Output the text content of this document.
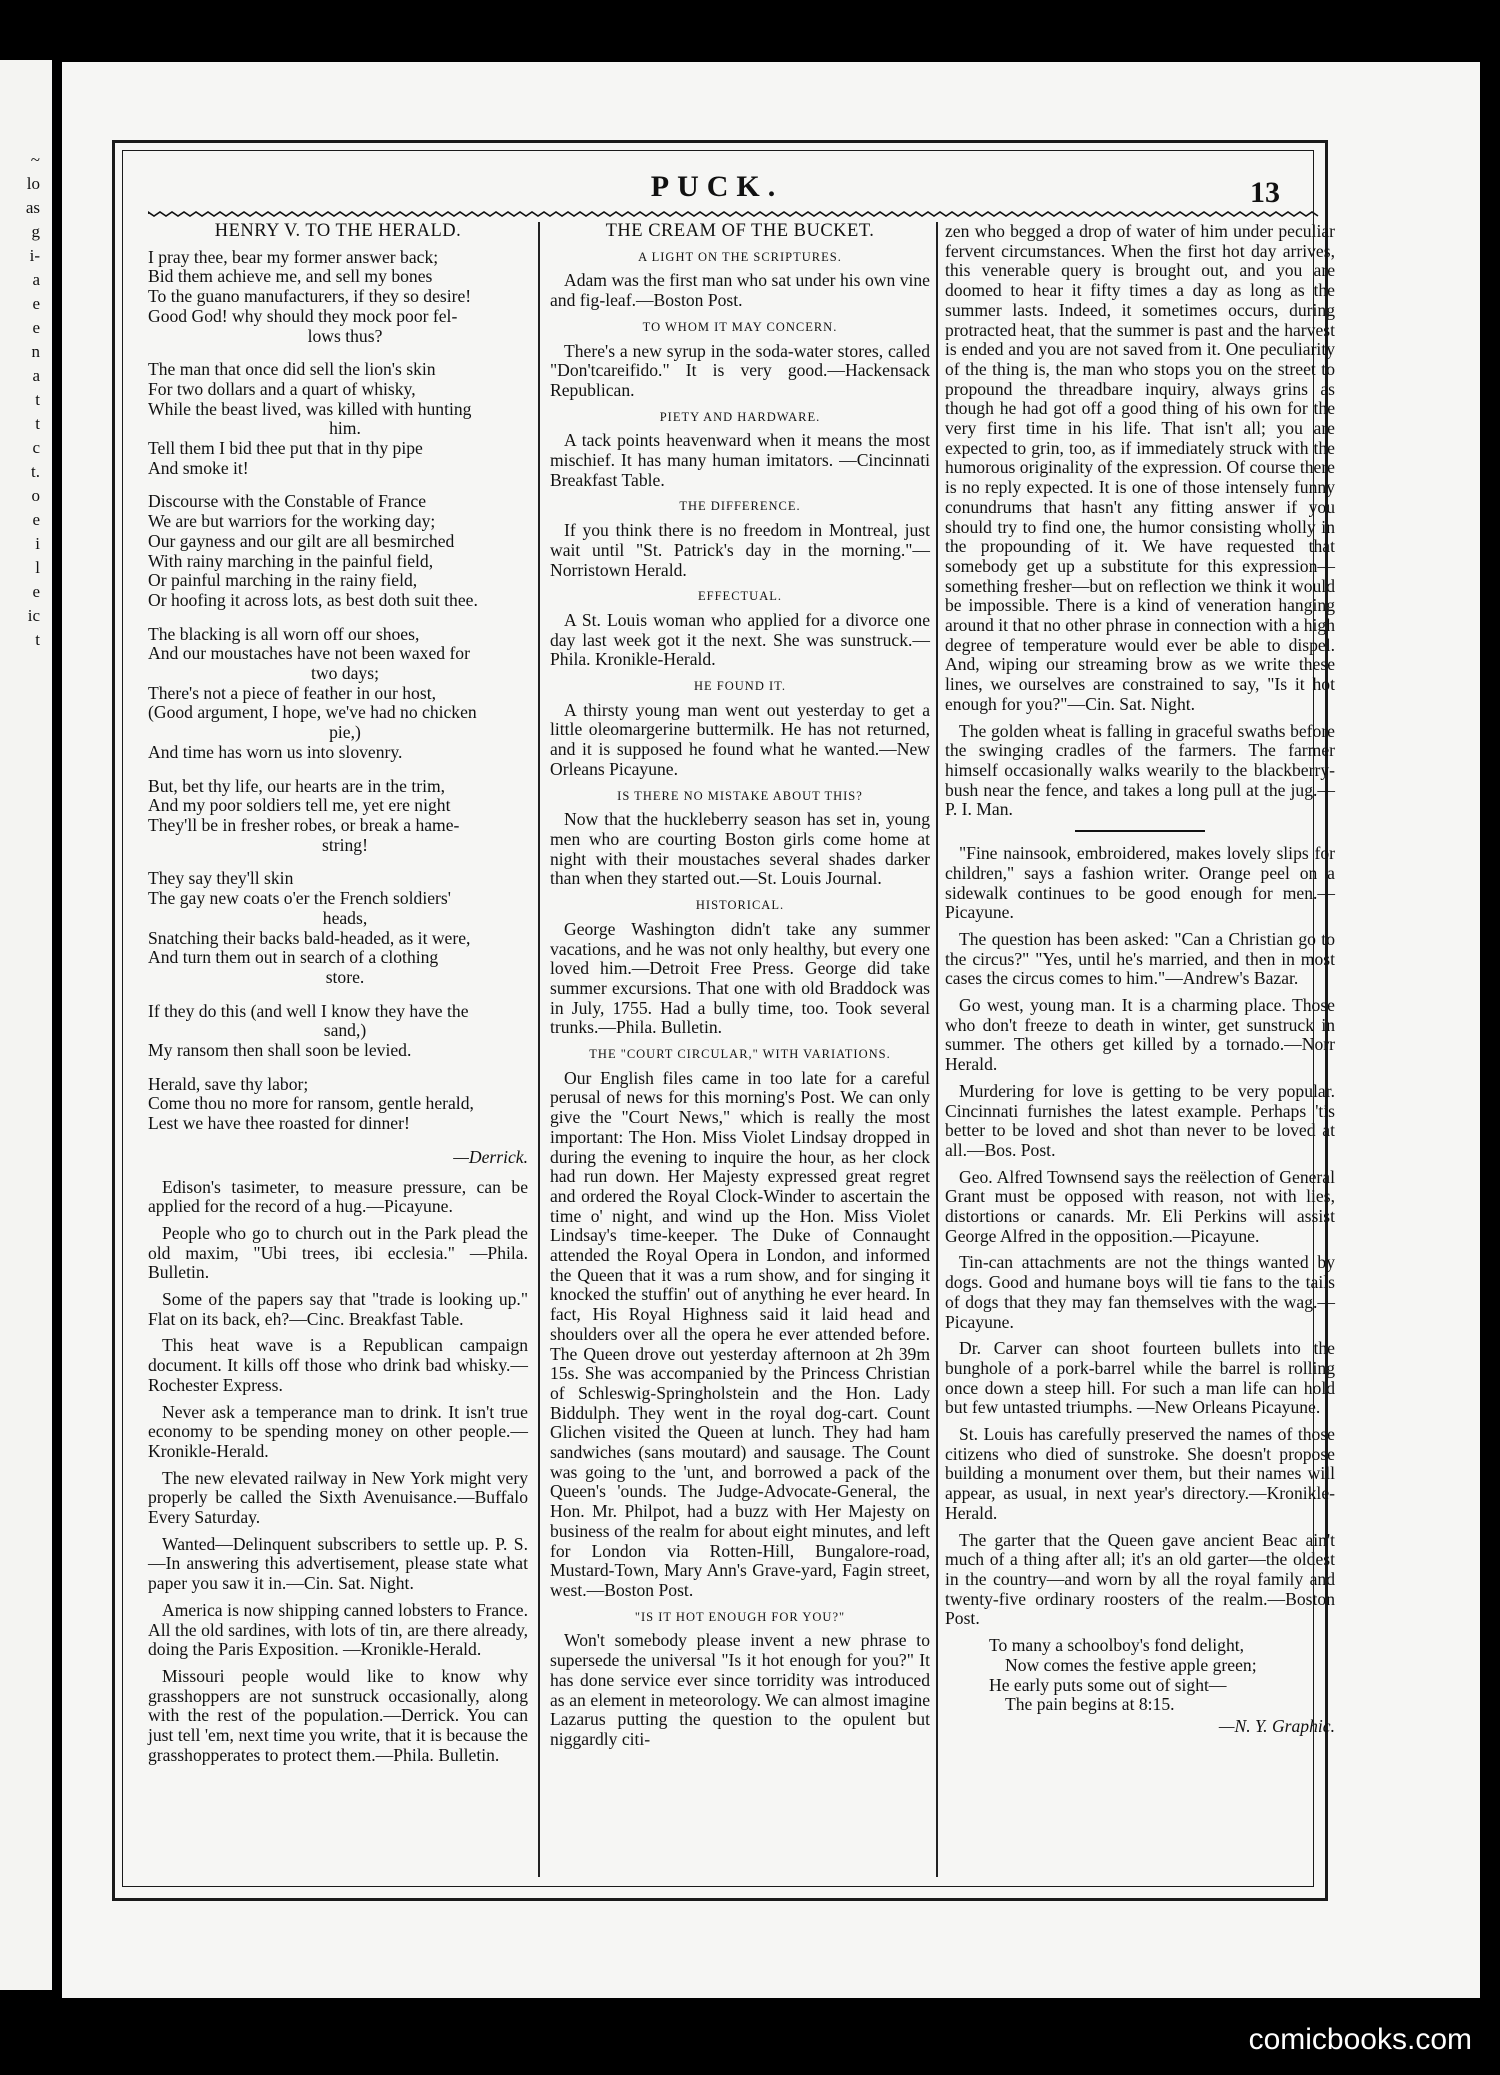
~
lo
as
g
i-
a
e
e
n
a
t
t
c
t.
o
e
i
l
e
ic
t
PUCK.	13
HENRY V. TO THE HERALD.
I pray thee, bear my former answer back;
Bid them achieve me, and sell my bones
To the guano manufacturers, if they so desire!
Good God! why should they mock poor fel-
lows thus?
The man that once did sell the lion's skin
For two dollars and a quart of whisky,
While the beast lived, was killed with hunting
him.
Tell them I bid thee put that in thy pipe
And smoke it!
Discourse with the Constable of France
We are but warriors for the working day;
Our gayness and our gilt are all besmirched
With rainy marching in the painful field,
Or painful marching in the rainy field,
Or hoofing it across lots, as best doth suit thee.
The blacking is all worn off our shoes,
And our moustaches have not been waxed for
two days;
There's not a piece of feather in our host,
(Good argument, I hope, we've had no chicken
pie,)
And time has worn us into slovenry.
But, bet thy life, our hearts are in the trim,
And my poor soldiers tell me, yet ere night
They'll be in fresher robes, or break a hame-
string!
They say they'll skin
The gay new coats o'er the French soldiers'
heads,
Snatching their backs bald-headed, as it were,
And turn them out in search of a clothing
store.
If they do this (and well I know they have the
sand,)
My ransom then shall soon be levied.
Herald, save thy labor;
Come thou no more for ransom, gentle herald,
Lest we have thee roasted for dinner!
—Derrick.

Edison's tasimeter, to measure pressure, can be applied for the record of a hug.—Picayune.

People who go to church out in the Park plead the old maxim, "Ubi trees, ibi ecclesia." —Phila. Bulletin.

Some of the papers say that "trade is looking up." Flat on its back, eh?—Cinc. Breakfast Table.

This heat wave is a Republican campaign document. It kills off those who drink bad whisky.—Rochester Express.

Never ask a temperance man to drink. It isn't true economy to be spending money on other people.—Kronikle-Herald.

The new elevated railway in New York might very properly be called the Sixth Avenuisance.—Buffalo Every Saturday.

Wanted—Delinquent subscribers to settle up. P. S.—In answering this advertisement, please state what paper you saw it in.—Cin. Sat. Night.

America is now shipping canned lobsters to France. All the old sardines, with lots of tin, are there already, doing the Paris Exposition. —Kronikle-Herald.

Missouri people would like to know why grasshoppers are not sunstruck occasionally, along with the rest of the population.—Derrick. You can just tell 'em, next time you write, that it is because the grasshopperates to protect them.—Phila. Bulletin.

THE CREAM OF THE BUCKET.
A LIGHT ON THE SCRIPTURES.

Adam was the first man who sat under his own vine and fig-leaf.—Boston Post.

TO WHOM IT MAY CONCERN.

There's a new syrup in the soda-water stores, called "Don'tcareifido." It is very good.—Hackensack Republican.

PIETY AND HARDWARE.

A tack points heavenward when it means the most mischief. It has many human imitators. —Cincinnati Breakfast Table.

THE DIFFERENCE.

If you think there is no freedom in Montreal, just wait until "St. Patrick's day in the morning."—Norristown Herald.

EFFECTUAL.

A St. Louis woman who applied for a divorce one day last week got it the next. She was sunstruck.—Phila. Kronikle-Herald.

HE FOUND IT.

A thirsty young man went out yesterday to get a little oleomargerine buttermilk. He has not returned, and it is supposed he found what he wanted.—New Orleans Picayune.

IS THERE NO MISTAKE ABOUT THIS?

Now that the huckleberry season has set in, young men who are courting Boston girls come home at night with their moustaches several shades darker than when they started out.—St. Louis Journal.

HISTORICAL.

George Washington didn't take any summer vacations, and he was not only healthy, but every one loved him.—Detroit Free Press. George did take summer excursions. That one with old Braddock was in July, 1755. Had a bully time, too. Took several trunks.—Phila. Bulletin.

THE "COURT CIRCULAR," WITH VARIATIONS.

Our English files came in too late for a careful perusal of news for this morning's Post. We can only give the "Court News," which is really the most important: The Hon. Miss Violet Lindsay dropped in during the evening to inquire the hour, as her clock had run down. Her Majesty expressed great regret and ordered the Royal Clock-Winder to ascertain the time o' night, and wind up the Hon. Miss Violet Lindsay's time-keeper. The Duke of Connaught attended the Royal Opera in London, and informed the Queen that it was a rum show, and for singing it knocked the stuffin' out of anything he ever heard. In fact, His Royal Highness said it laid head and shoulders over all the opera he ever attended before. The Queen drove out yesterday afternoon at 2h 39m 15s. She was accompanied by the Princess Christian of Schleswig-Springholstein and the Hon. Lady Biddulph. They went in the royal dog-cart. Count Glichen visited the Queen at lunch. They had ham sandwiches (sans moutard) and sausage. The Count was going to the 'unt, and borrowed a pack of the Queen's 'ounds. The Judge-Advocate-General, the Hon. Mr. Philpot, had a buzz with Her Majesty on business of the realm for about eight minutes, and left for London via Rotten-Hill, Bungalore-road, Mustard-Town, Mary Ann's Grave-yard, Fagin street, west.—Boston Post.

"IS IT HOT ENOUGH FOR YOU?"

Won't somebody please invent a new phrase to supersede the universal "Is it hot enough for you?" It has done service ever since torridity was introduced as an element in meteorology. We can almost imagine Lazarus putting the question to the opulent but niggardly citi-

zen who begged a drop of water of him under peculiar fervent circumstances. When the first hot day arrives, this venerable query is brought out, and you are doomed to hear it fifty times a day as long as the summer lasts. Indeed, it sometimes occurs, during protracted heat, that the summer is past and the harvest is ended and you are not saved from it. One peculiarity of the thing is, the man who stops you on the street to propound the threadbare inquiry, always grins as though he had got off a good thing of his own for the very first time in his life. That isn't all; you are expected to grin, too, as if immediately struck with the humorous originality of the expression. Of course there is no reply expected. It is one of those intensely funny conundrums that hasn't any fitting answer if you should try to find one, the humor consisting wholly in the propounding of it. We have requested that somebody get up a substitute for this expression—something fresher—but on reflection we think it would be impossible. There is a kind of veneration hanging around it that no other phrase in connection with a high degree of temperature would ever be able to dispel. And, wiping our streaming brow as we write these lines, we ourselves are constrained to say, "Is it hot enough for you?"—Cin. Sat. Night.

The golden wheat is falling in graceful swaths before the swinging cradles of the farmers. The farmer himself occasionally walks wearily to the blackberry-bush near the fence, and takes a long pull at the jug.—P. I. Man.

"Fine nainsook, embroidered, makes lovely slips for children," says a fashion writer. Orange peel on a sidewalk continues to be good enough for men.—Picayune.

The question has been asked: "Can a Christian go to the circus?" "Yes, until he's married, and then in most cases the circus comes to him."—Andrew's Bazar.

Go west, young man. It is a charming place. Those who don't freeze to death in winter, get sunstruck in summer. The others get killed by a tornado.—Norr Herald.

Murdering for love is getting to be very popular. Cincinnati furnishes the latest example. Perhaps 'tis better to be loved and shot than never to be loved at all.—Bos. Post.

Geo. Alfred Townsend says the reëlection of General Grant must be opposed with reason, not with lies, distortions or canards. Mr. Eli Perkins will assist George Alfred in the opposition.—Picayune.

Tin-can attachments are not the things wanted by dogs. Good and humane boys will tie fans to the tails of dogs that they may fan themselves with the wag.—Picayune.

Dr. Carver can shoot fourteen bullets into the bunghole of a pork-barrel while the barrel is rolling once down a steep hill. For such a man life can hold but few untasted triumphs. —New Orleans Picayune.

St. Louis has carefully preserved the names of those citizens who died of sunstroke. She doesn't propose building a monument over them, but their names will appear, as usual, in next year's directory.—Kronikle-Herald.

The garter that the Queen gave ancient Beac ain't much of a thing after all; it's an old garter—the oldest in the country—and worn by all the royal family and twenty-five ordinary roosters of the realm.—Boston Post.

To many a schoolboy's fond delight,
Now comes the festive apple green;
He early puts some out of sight—
The pain begins at 8:15.
—N. Y. Graphic.
comicbooks.com
